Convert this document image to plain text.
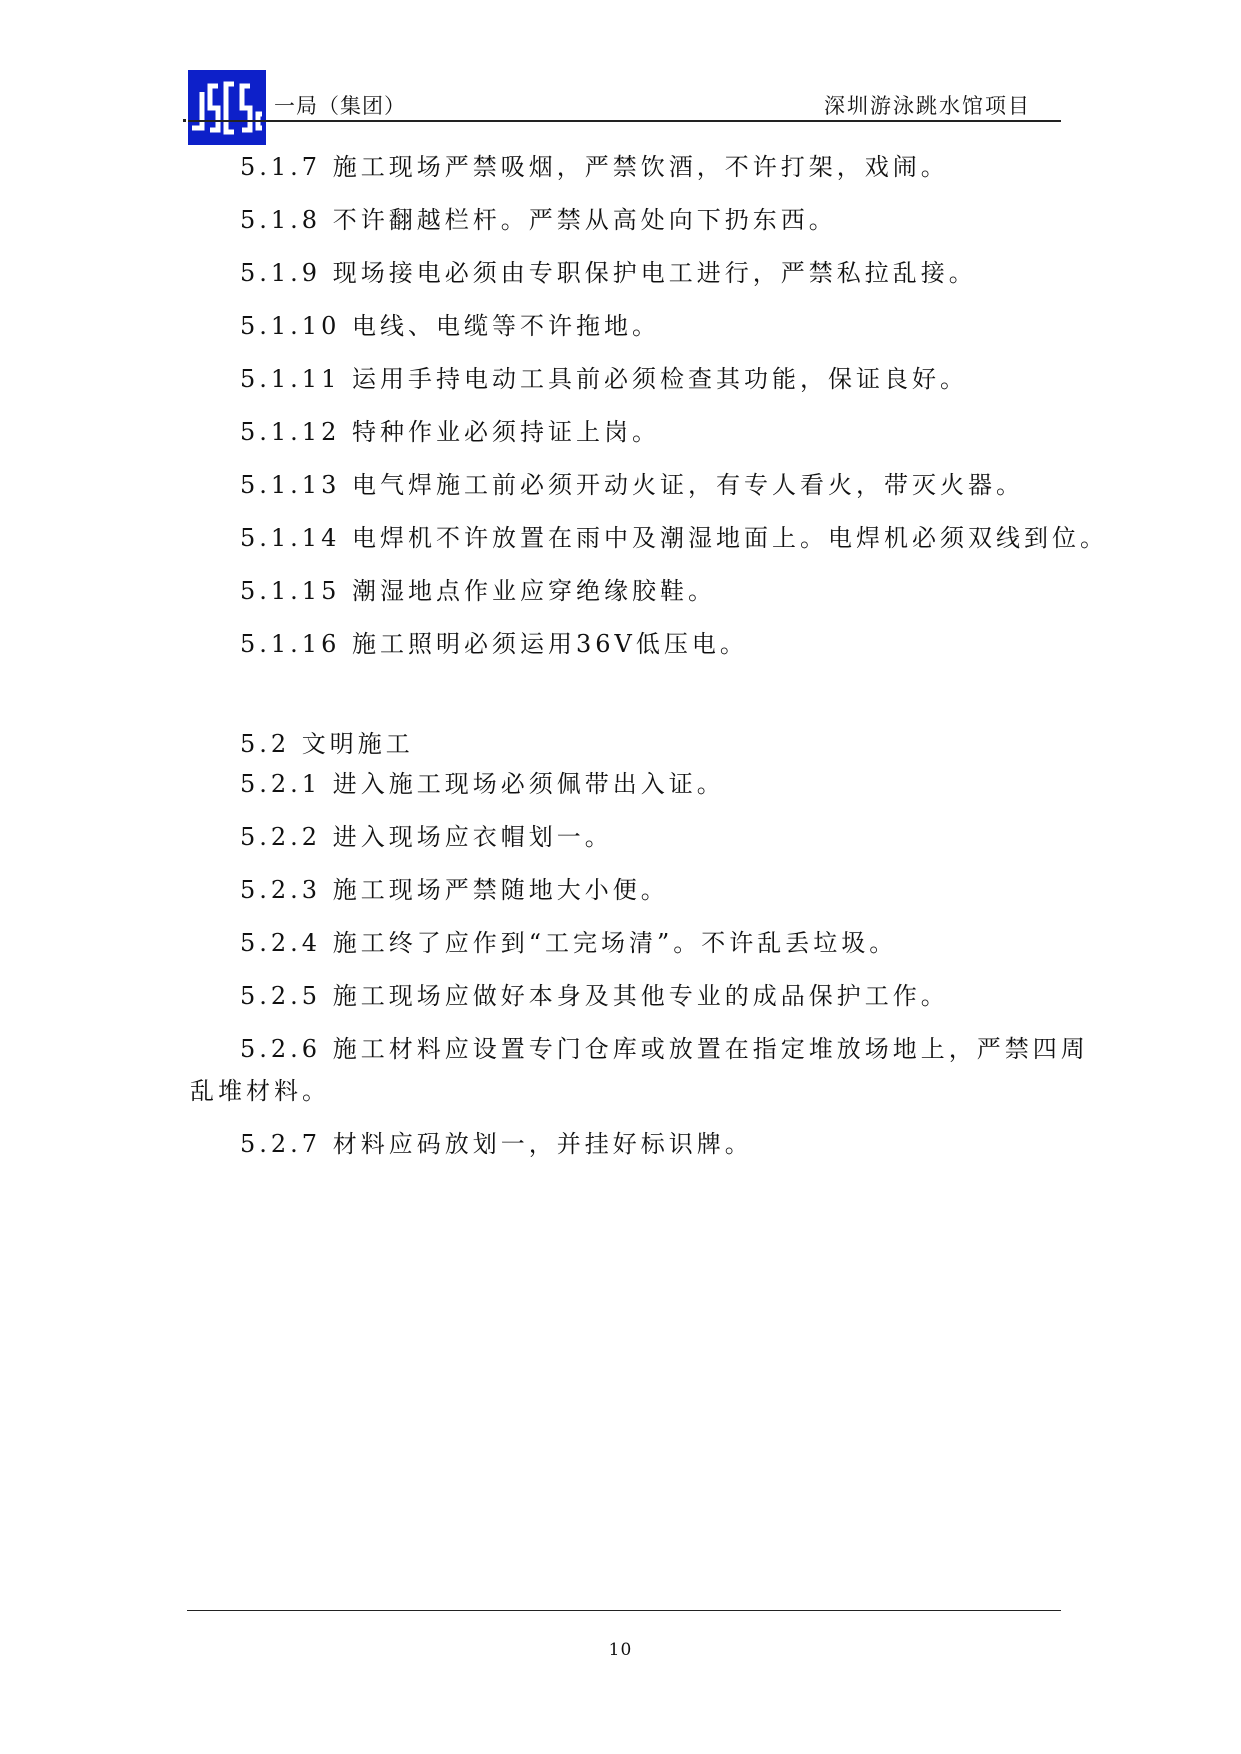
一局（集团）	深圳游泳跳水馆项目
5.1.7 施工现场严禁吸烟，严禁饮酒，不许打架，戏闹。
5.1.8 不许翻越栏杆。严禁从高处向下扔东西。
5.1.9 现场接电必须由专职保护电工进行，严禁私拉乱接。
5.1.10 电线、电缆等不许拖地。
5.1.11 运用手持电动工具前必须检查其功能，保证良好。
5.1.12 特种作业必须持证上岗。
5.1.13 电气焊施工前必须开动火证，有专人看火，带灭火器。
5.1.14 电焊机不许放置在雨中及潮湿地面上。电焊机必须双线到位。
5.1.15 潮湿地点作业应穿绝缘胶鞋。
5.1.16 施工照明必须运用36V低压电。
5.2 文明施工
5.2.1 进入施工现场必须佩带出入证。
5.2.2 进入现场应衣帽划一。
5.2.3 施工现场严禁随地大小便。
5.2.4 施工终了应作到“工完场清”。不许乱丢垃圾。
5.2.5 施工现场应做好本身及其他专业的成品保护工作。
5.2.6 施工材料应设置专门仓库或放置在指定堆放场地上，严禁四周
乱堆材料。
5.2.7 材料应码放划一，并挂好标识牌。
10
